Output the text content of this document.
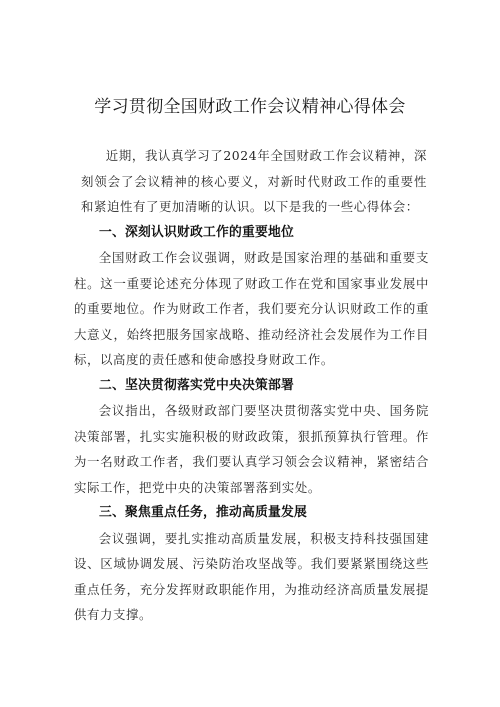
学习贯彻全国财政工作会议精神心得体会

近期，我认真学习了2024年全国财政工作会议精神，深刻领会了会议精神的核心要义，对新时代财政工作的重要性和紧迫性有了更加清晰的认识。以下是我的一些心得体会：

一、深刻认识财政工作的重要地位

全国财政工作会议强调，财政是国家治理的基础和重要支柱。这一重要论述充分体现了财政工作在党和国家事业发展中的重要地位。作为财政工作者，我们要充分认识财政工作的重大意义，始终把服务国家战略、推动经济社会发展作为工作目标，以高度的责任感和使命感投身财政工作。

二、坚决贯彻落实党中央决策部署

会议指出，各级财政部门要坚决贯彻落实党中央、国务院决策部署，扎实实施积极的财政政策，狠抓预算执行管理。作为一名财政工作者，我们要认真学习领会会议精神，紧密结合实际工作，把党中央的决策部署落到实处。

三、聚焦重点任务，推动高质量发展

会议强调，要扎实推动高质量发展，积极支持科技强国建设、区域协调发展、污染防治攻坚战等。我们要紧紧围绕这些重点任务，充分发挥财政职能作用，为推动经济高质量发展提供有力支撑。
